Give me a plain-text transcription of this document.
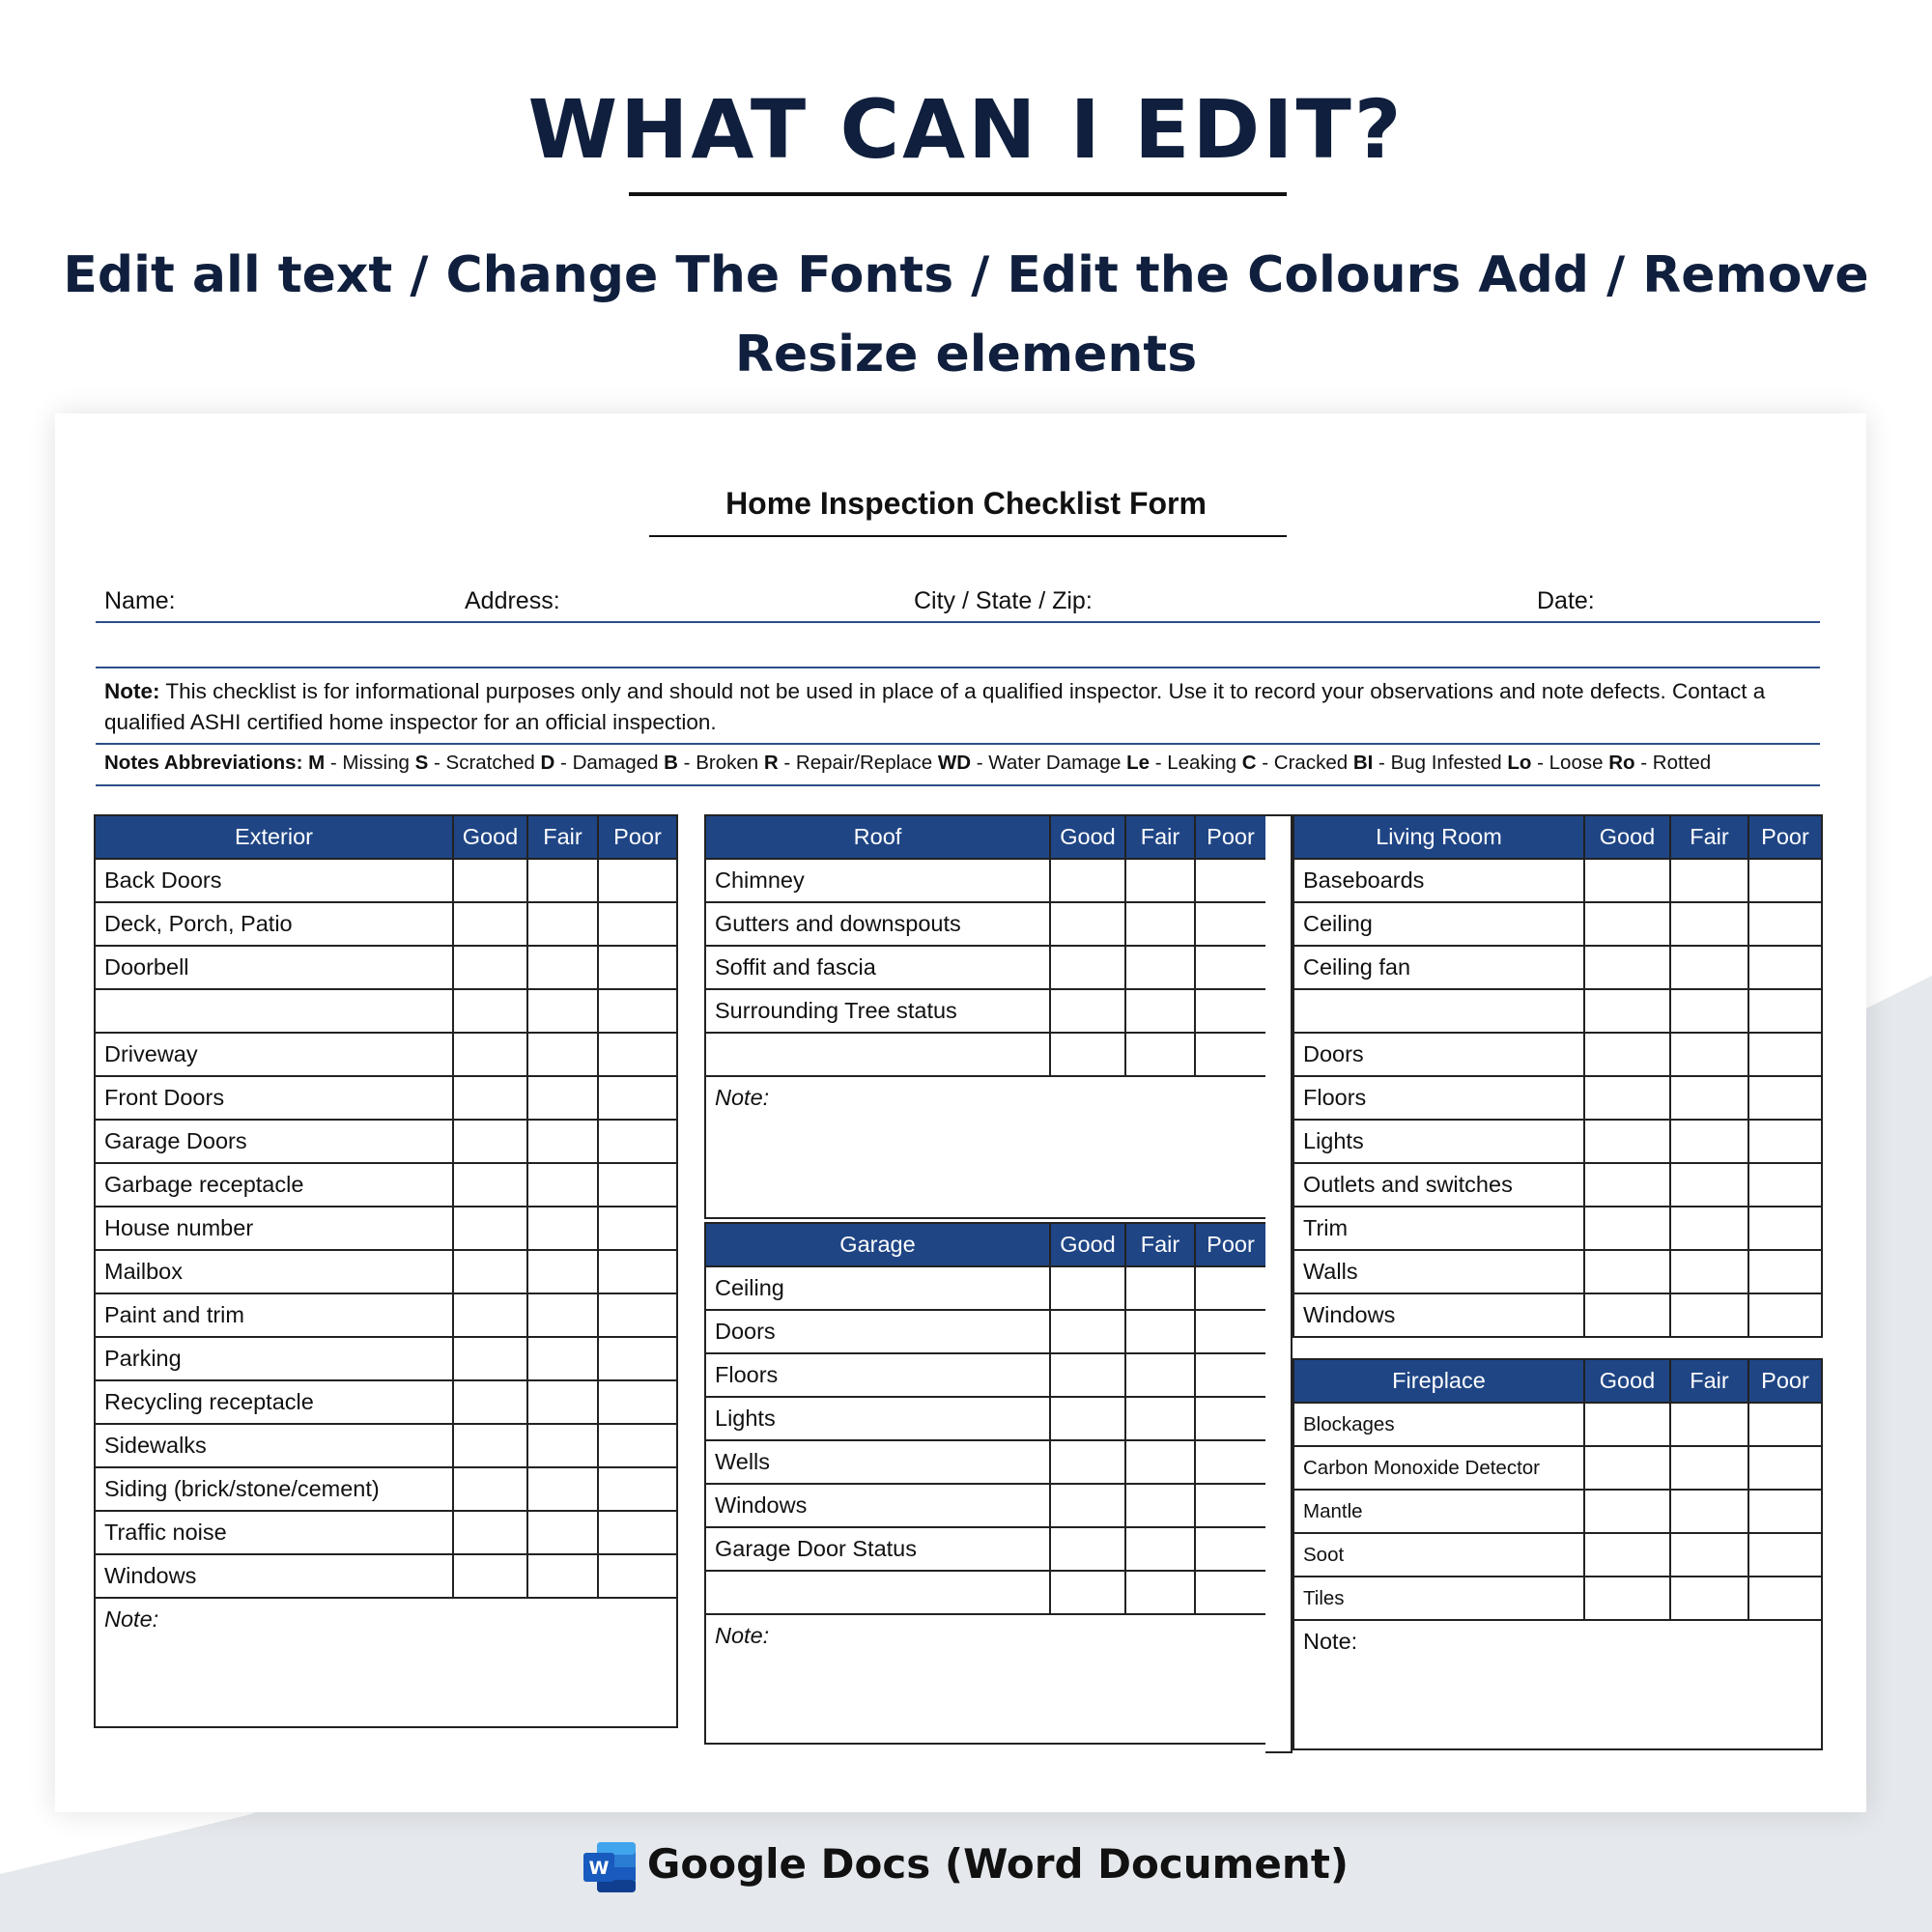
WHAT CAN I EDIT?
Edit all text / Change The Fonts / Edit the Colours Add / Remove
Resize elements
Home Inspection Checklist Form
Name:	Address:	City / State / Zip:	Date:
Note: This checklist is for informational purposes only and should not be used in place of a qualified inspector. Use it to record your observations and note defects. Contact a qualified ASHI certified home inspector for an official inspection.
Notes Abbreviations: M - Missing S - Scratched D - Damaged B - Broken R - Repair/Replace WD - Water Damage Le - Leaking C - Cracked BI - Bug Infested Lo - Loose Ro - Rotted
Exterior	Good	Fair	Poor
Back Doors			
Deck, Porch, Patio			
Doorbell			

Driveway			
Front Doors			
Garage Doors			
Garbage receptacle			
House number			
Mailbox			
Paint and trim			
Parking			
Recycling receptacle			
Sidewalks			
Siding (brick/stone/cement)			
Traffic noise			
Windows			
Note:			
Roof	Good	Fair	Poor
Chimney			
Gutters and downspouts			
Soffit and fascia			
Surrounding Tree status			

Note:			
Garage	Good	Fair	Poor
Ceiling			
Doors			
Floors			
Lights			
Wells			
Windows			
Garage Door Status			

Note:			
Living Room	Good	Fair	Poor
Baseboards			
Ceiling			
Ceiling fan			

Doors			
Floors			
Lights			
Outlets and switches			
Trim			
Walls			
Windows			
Fireplace	Good	Fair	Poor
Blockages			
Carbon Monoxide Detector			
Mantle			
Soot			
Tiles			
Note:			
W Google Docs (Word Document)
